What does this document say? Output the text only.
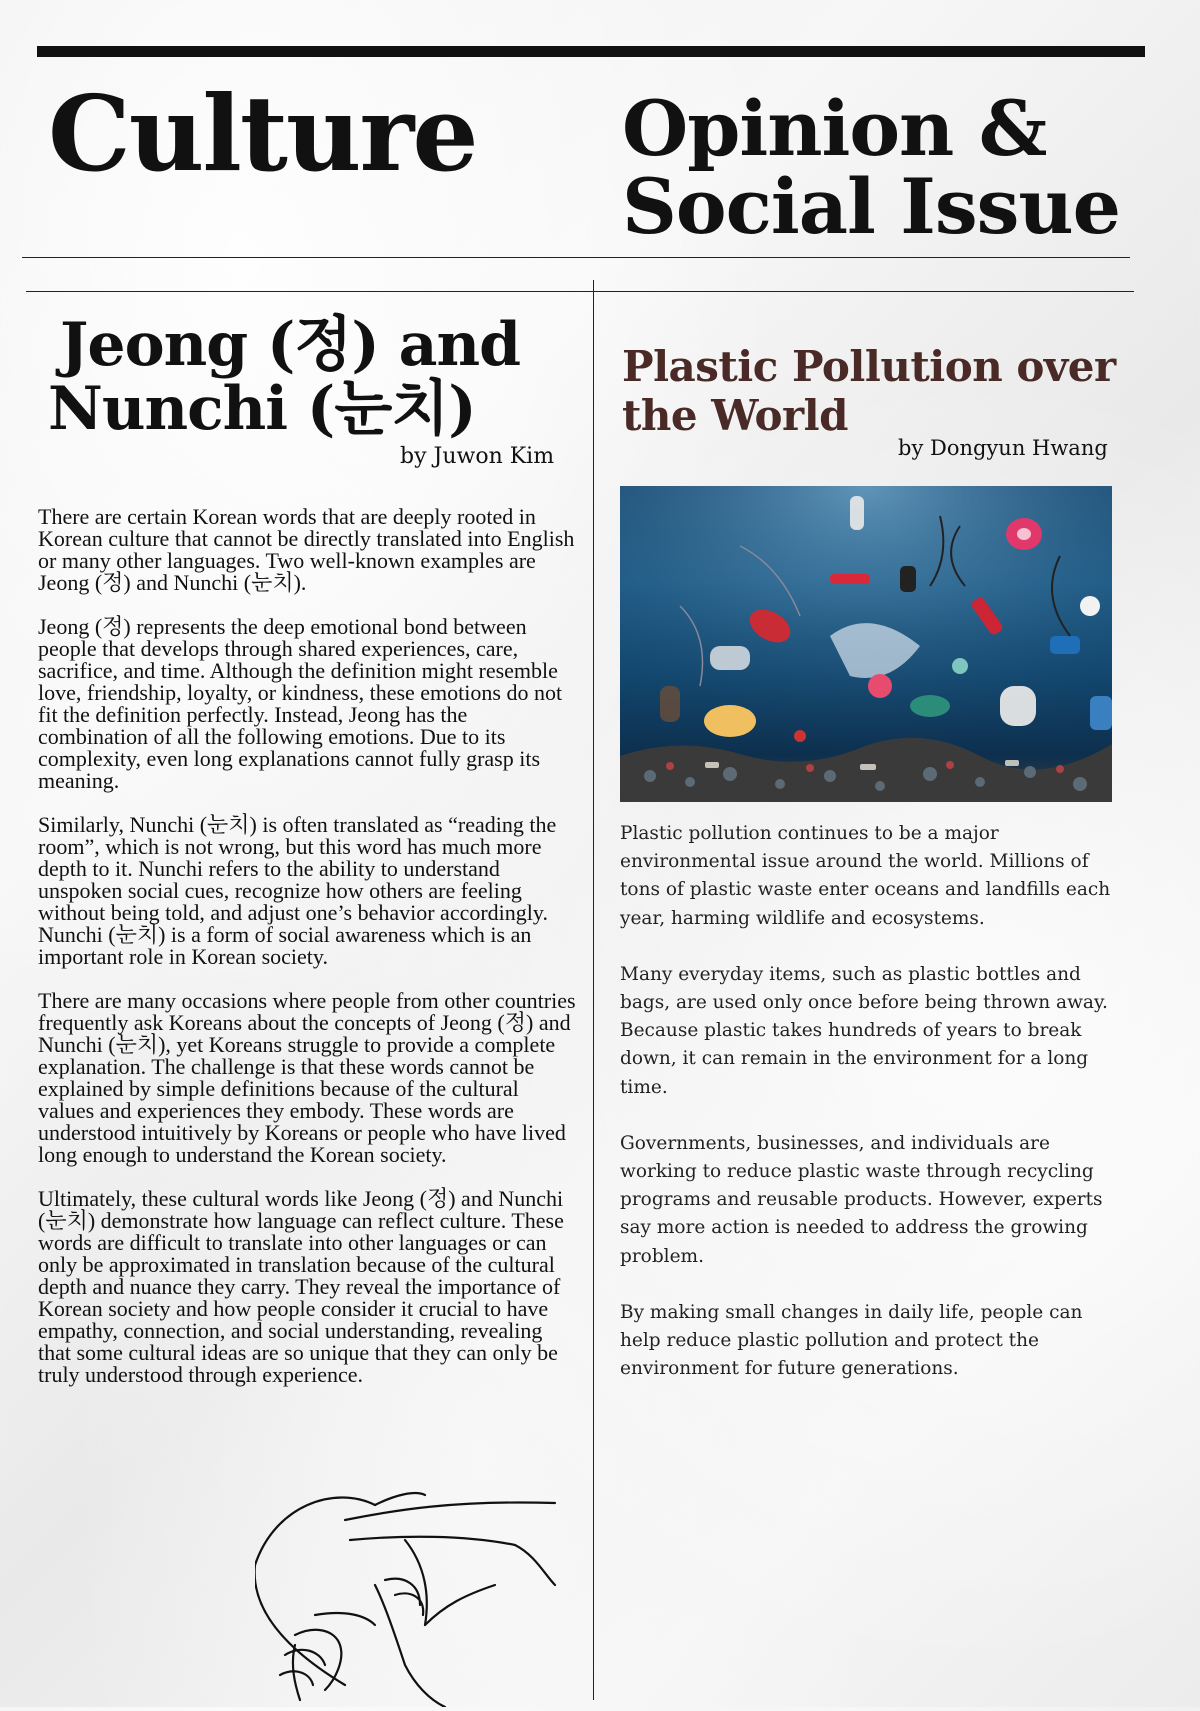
Culture Opinion &
Social Issue
Jeong (정) and
Nunchi (눈치)
by Juwon Kim

There are certain Korean words that are deeply rooted in Korean culture that cannot be directly translated into English or many other languages. Two well-known examples are Jeong (정) and Nunchi (눈치).

Jeong (정) represents the deep emotional bond between people that develops through shared experiences, care, sacrifice, and time. Although the definition might resemble love, friendship, loyalty, or kindness, these emotions do not fit the definition perfectly. Instead, Jeong has the combination of all the following emotions. Due to its complexity, even long explanations cannot fully grasp its meaning.

Similarly, Nunchi (눈치) is often translated as “reading the room”, which is not wrong, but this word has much more depth to it. Nunchi refers to the ability to understand unspoken social cues, recognize how others are feeling without being told, and adjust one’s behavior accordingly. Nunchi (눈치) is a form of social awareness which is an important role in Korean society.

There are many occasions where people from other countries frequently ask Koreans about the concepts of Jeong (정) and Nunchi (눈치), yet Koreans struggle to provide a complete explanation. The challenge is that these words cannot be explained by simple definitions because of the cultural values and experiences they embody. These words are understood intuitively by Koreans or people who have lived long enough to understand the Korean society.

Ultimately, these cultural words like Jeong (정) and Nunchi (눈치) demonstrate how language can reflect culture. These words are difficult to translate into other languages or can only be approximated in translation because of the cultural depth and nuance they carry. They reveal the importance of Korean society and how people consider it crucial to have empathy, connection, and social understanding, revealing that some cultural ideas are so unique that they can only be truly understood through experience.

Plastic Pollution over
the World
by Dongyun Hwang

Plastic pollution continues to be a major environmental issue around the world. Millions of tons of plastic waste enter oceans and landfills each year, harming wildlife and ecosystems.

Many everyday items, such as plastic bottles and bags, are used only once before being thrown away. Because plastic takes hundreds of years to break down, it can remain in the environment for a long time.

Governments, businesses, and individuals are working to reduce plastic waste through recycling programs and reusable products. However, experts say more action is needed to address the growing problem.

By making small changes in daily life, people can help reduce plastic pollution and protect the environment for future generations.
